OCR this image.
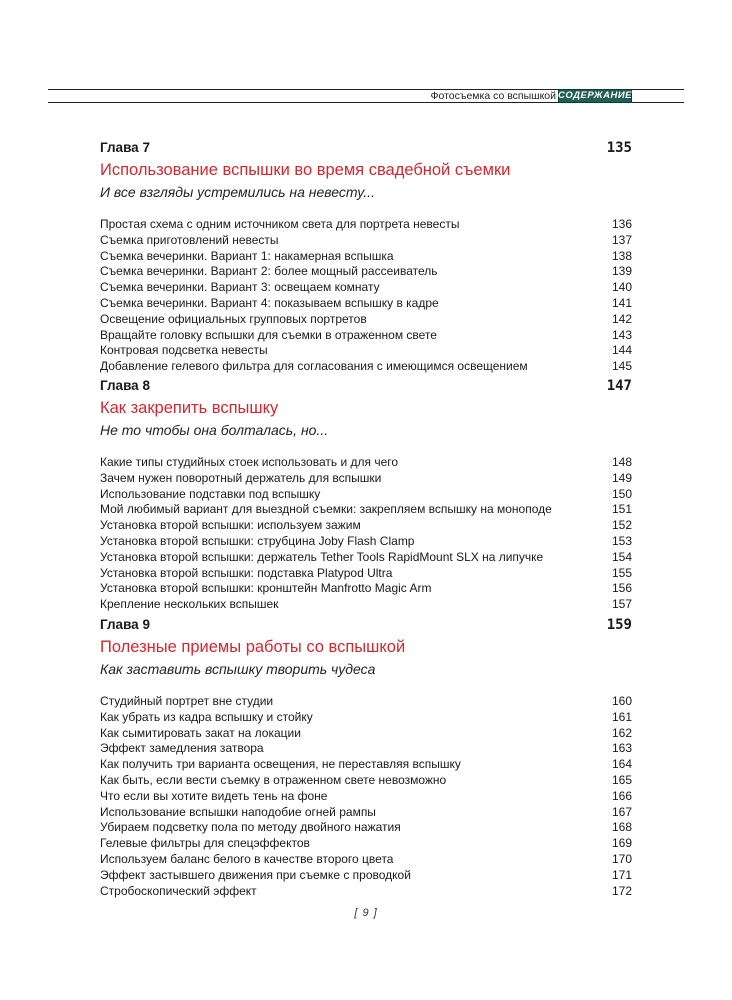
Фотосъемка со вспышкой СОДЕРЖАНИЕ
Глава 7	135
Использование вспышки во время свадебной съемки
И все взгляды устремились на невесту...
Простая схема с одним источником света для портрета невесты	136
Съемка приготовлений невесты	137
Съемка вечеринки. Вариант 1: накамерная вспышка	138
Съемка вечеринки. Вариант 2: более мощный рассеиватель	139
Съемка вечеринки. Вариант 3: освещаем комнату	140
Съемка вечеринки. Вариант 4: показываем вспышку в кадре	141
Освещение официальных групповых портретов	142
Вращайте головку вспышки для съемки в отраженном свете	143
Контровая подсветка невесты	144
Добавление гелевого фильтра для согласования с имеющимся освещением	145
Глава 8	147
Как закрепить вспышку
Не то чтобы она болталась, но...
Какие типы студийных стоек использовать и для чего	148
Зачем нужен поворотный держатель для вспышки	149
Использование подставки под вспышку	150
Мой любимый вариант для выездной съемки: закрепляем вспышку на моноподе	151
Установка второй вспышки: используем зажим	152
Установка второй вспышки: струбцина Joby Flash Clamp	153
Установка второй вспышки: держатель Tether Tools RapidMount SLX на липучке	154
Установка второй вспышки: подставка Platypod Ultra	155
Установка второй вспышки: кронштейн Manfrotto Magic Arm	156
Крепление нескольких вспышек	157
Глава 9	159
Полезные приемы работы со вспышкой
Как заставить вспышку творить чудеса
Студийный портрет вне студии	160
Как убрать из кадра вспышку и стойку	161
Как сымитировать закат на локации	162
Эффект замедления затвора	163
Как получить три варианта освещения, не переставляя вспышку	164
Как быть, если вести съемку в отраженном свете невозможно	165
Что если вы хотите видеть тень на фоне	166
Использование вспышки наподобие огней рампы	167
Убираем подсветку пола по методу двойного нажатия	168
Гелевые фильтры для спецэффектов	169
Используем баланс белого в качестве второго цвета	170
Эффект застывшего движения при съемке с проводкой	171
Стробоскопический эффект	172
[ 9 ]
